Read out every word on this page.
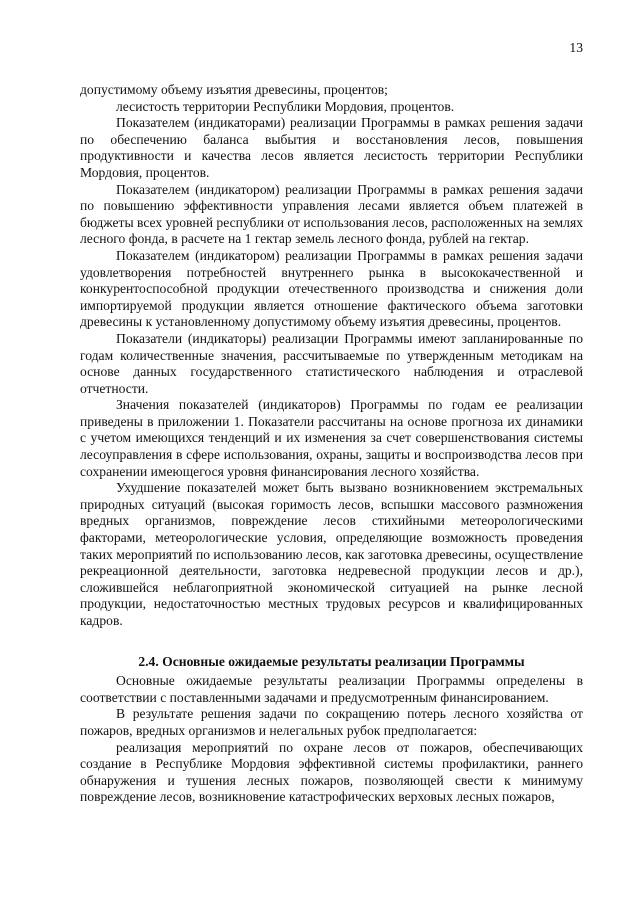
13

допустимому объему изъятия древесины, процентов;

лесистость территории Республики Мордовия, процентов.

Показателем (индикаторами) реализации Программы в рамках решения задачи по обеспечению баланса выбытия и восстановления лесов, повышения продуктивности и качества лесов является лесистость территории Республики Мордовия, процентов.

Показателем (индикатором) реализации Программы в рамках решения задачи по повышению эффективности управления лесами является объем платежей в бюджеты всех уровней республики от использования лесов, расположенных на землях лесного фонда, в расчете на 1 гектар земель лесного фонда, рублей на гектар.

Показателем (индикатором) реализации Программы в рамках решения задачи удовлетворения потребностей внутреннего рынка в высококачественной и конкурентоспособной продукции отечественного производства и снижения доли импортируемой продукции является отношение фактического объема заготовки древесины к установленному допустимому объему изъятия древесины, процентов.

Показатели (индикаторы) реализации Программы имеют запланированные по годам количественные значения, рассчитываемые по утвержденным методикам на основе данных государственного статистического наблюдения и отраслевой отчетности.

Значения показателей (индикаторов) Программы по годам ее реализации приведены в приложении 1. Показатели рассчитаны на основе прогноза их динамики с учетом имеющихся тенденций и их изменения за счет совершенствования системы лесоуправления в сфере использования, охраны, защиты и воспроизводства лесов при сохранении имеющегося уровня финансирования лесного хозяйства.

Ухудшение показателей может быть вызвано возникновением экстремальных природных ситуаций (высокая горимость лесов, вспышки массового размножения вредных организмов, повреждение лесов стихийными метеорологическими факторами, метеорологические условия, определяющие возможность проведения таких мероприятий по использованию лесов, как заготовка древесины, осуществление рекреационной деятельности, заготовка недревесной продукции лесов и др.), сложившейся неблагоприятной экономической ситуацией на рынке лесной продукции, недостаточностью местных трудовых ресурсов и квалифицированных кадров.

2.4. Основные ожидаемые результаты реализации Программы

Основные ожидаемые результаты реализации Программы определены в соответствии с поставленными задачами и предусмотренным финансированием.

В результате решения задачи по сокращению потерь лесного хозяйства от пожаров, вредных организмов и нелегальных рубок предполагается:

реализация мероприятий по охране лесов от пожаров, обеспечивающих создание в Республике Мордовия эффективной системы профилактики, раннего обнаружения и тушения лесных пожаров, позволяющей свести к минимуму повреждение лесов, возникновение катастрофических верховых лесных пожаров,
